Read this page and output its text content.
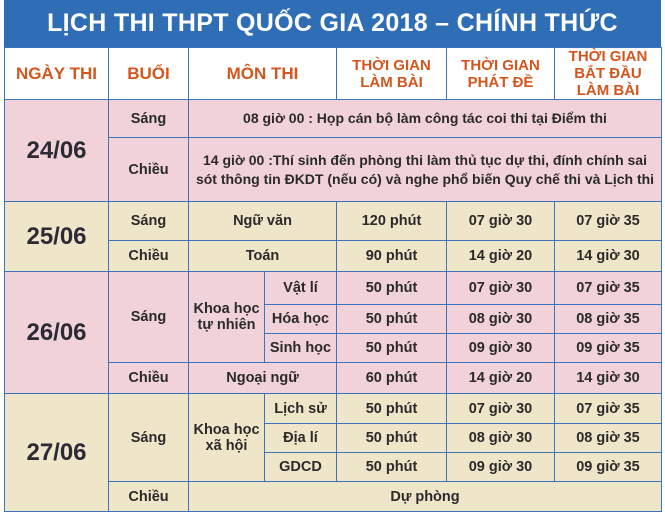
LỊCH THI THPT QUỐC GIA 2018 – CHÍNH THỨC
NGÀY THI	BUỔI	MÔN THI		THỜI GIAN LÀM BÀI	THỜI GIAN PHÁT ĐỀ	THỜI GIAN BẮT ĐẦU LÀM BÀI
24/06	Sáng	08 giờ 00 : Họp cán bộ làm công tác coi thi tại Điểm thi				
	Chiều	14 giờ 00 :Thí sinh đến phòng thi làm thủ tục dự thi, đính chính sai sót thông tin ĐKDT (nếu có) và nghe phổ biến Quy chế thi và Lịch thi				
25/06	Sáng	Ngữ văn		120 phút	07 giờ 30	07 giờ 35
	Chiều	Toán		90 phút	14 giờ 20	14 giờ 30
26/06	Sáng	Khoa học tự nhiên	Vật lí	50 phút	07 giờ 30	07 giờ 35
			Hóa học	50 phút	08 giờ 30	08 giờ 35
			Sinh học	50 phút	09 giờ 30	09 giờ 35
	Chiều	Ngoại ngữ		60 phút	14 giờ 20	14 giờ 30
27/06	Sáng	Khoa học xã hội	Lịch sử	50 phút	07 giờ 30	07 giờ 35
			Địa lí	50 phút	08 giờ 30	08 giờ 35
			GDCD	50 phút	09 giờ 30	09 giờ 35
	Chiều	Dự phòng				
